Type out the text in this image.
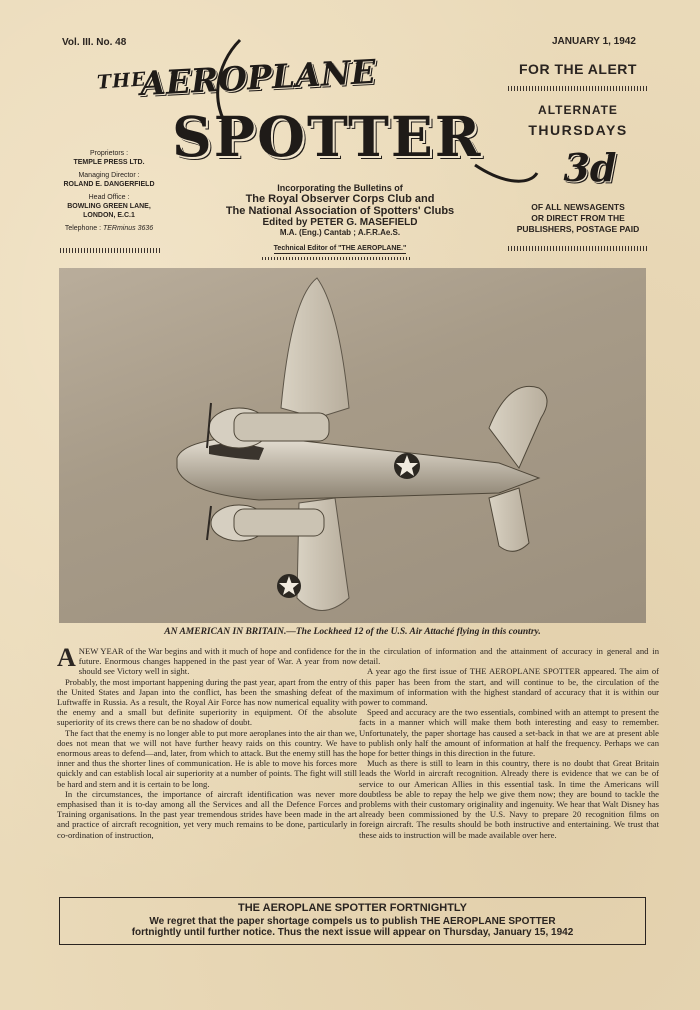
Vol. III. No. 48	JANUARY 1, 1942
THE
AEROPLANE
SPOTTER
Proprietors :
TEMPLE PRESS LTD.
Managing Director :
ROLAND E. DANGERFIELD
Head Office :
BOWLING GREEN LANE,
LONDON, E.C.1
Telephone : TERminus 3636
Incorporating the Bulletins of
The Royal Observer Corps Club and
The National Association of Spotters' Clubs
Edited by PETER G. MASEFIELD
M.A. (Eng.) Cantab ; A.F.R.Ae.S.
Technical Editor of "THE AEROPLANE."
FOR THE ALERT
ALTERNATE
THURSDAYS
3d
OF ALL NEWSAGENTS
OR DIRECT FROM THE
PUBLISHERS, POSTAGE PAID
AN AMERICAN IN BRITAIN.—The Lockheed 12 of the U.S. Air Attaché flying in this country.

ANEW YEAR of the War begins and with it much of hope and confidence for the future. Enormous changes happened in the past year of War. A year from now should see Victory well in sight.

Probably, the most important happening during the past year, apart from the entry of the United States and Japan into the conflict, has been the smashing defeat of the Luftwaffe in Russia. As a result, the Royal Air Force has now numerical equality with the enemy and a small but definite superiority in equipment. Of the absolute superiority of its crews there can be no shadow of doubt.

The fact that the enemy is no longer able to put more aeroplanes into the air than we, does not mean that we will not have further heavy raids on this country. We have enormous areas to defend—and, later, from which to attack. But the enemy still has the inner and thus the shorter lines of communication. He is able to move his forces more quickly and can establish local air superiority at a number of points. The fight will still be hard and stern and it is certain to be long.

In the circumstances, the importance of aircraft identification was never more emphasised than it is to-day among all the Services and all the Defence Forces and Training organisations. In the past year tremendous strides have been made in the art and practice of aircraft recognition, yet very much remains to be done, particularly in co-ordination of instruction,

in the circulation of information and the attainment of accuracy in general and in detail.

A year ago the first issue of THE AEROPLANE SPOTTER appeared. The aim of this paper has been from the start, and will continue to be, the circulation of the maximum of information with the highest standard of accuracy that it is within our power to command.

Speed and accuracy are the two essentials, combined with an attempt to present the facts in a manner which will make them both interesting and easy to remember. Unfortunately, the paper shortage has caused a set-back in that we are at present able to publish only half the amount of information at half the frequency. Perhaps we can hope for better things in this direction in the future.

Much as there is still to learn in this country, there is no doubt that Great Britain leads the World in aircraft recognition. Already there is evidence that we can be of service to our American Allies in this essential task. In time the Americans will doubtless be able to repay the help we give them now; they are bound to tackle the problems with their customary originality and ingenuity. We hear that Walt Disney has already been commissioned by the U.S. Navy to prepare 20 recognition films on foreign aircraft. The results should be both instructive and entertaining. We trust that these aids to instruction will be made available over here.

THE AEROPLANE SPOTTER FORTNIGHTLY
We regret that the paper shortage compels us to publish THE AEROPLANE SPOTTER
fortnightly until further notice. Thus the next issue will appear on Thursday, January 15, 1942
